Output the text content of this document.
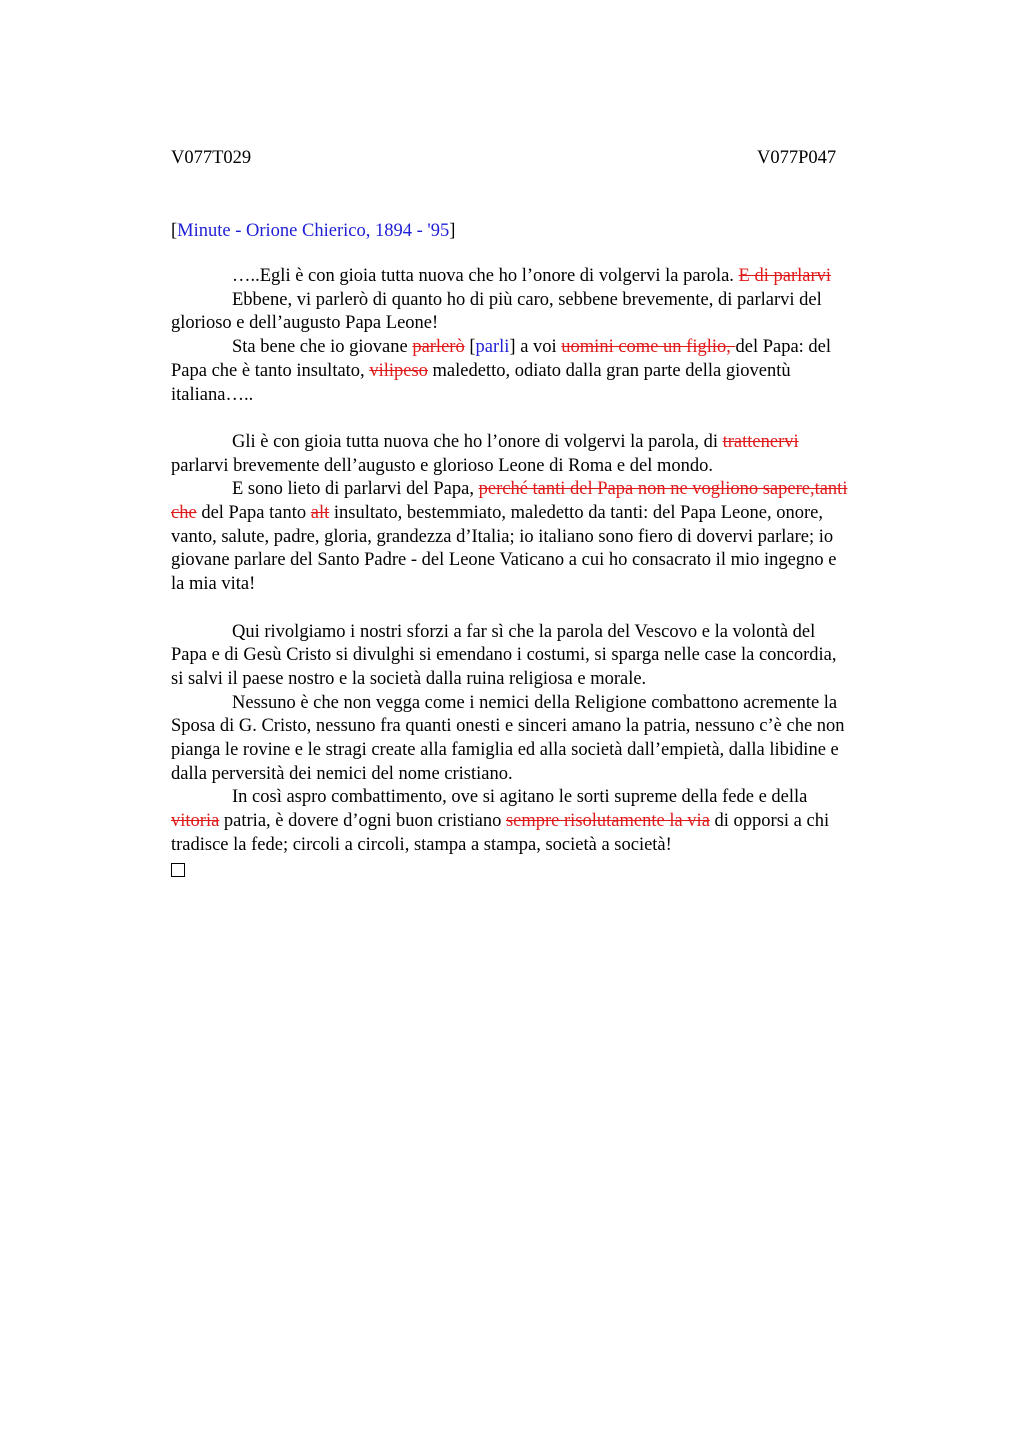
V077T029	V077P047
[Minute - Orione Chierico, 1894 - '95]

…..Egli è con gioia tutta nuova che ho l’onore di volgervi la parola. E di parlarvi

Ebbene, vi parlerò di quanto ho di più caro, sebbene brevemente, di parlarvi del
glorioso e dell’augusto Papa Leone!

Sta bene che io giovane parlerò [parli] a voi uomini come un figlio, del Papa: del
Papa che è tanto insultato, vilipeso maledetto, odiato dalla gran parte della gioventù
italiana…..

Gli è con gioia tutta nuova che ho l’onore di volgervi la parola, di trattenervi
parlarvi brevemente dell’augusto e glorioso Leone di Roma e del mondo.

E sono lieto di parlarvi del Papa, perché tanti del Papa non ne vogliono sapere,tanti
che del Papa tanto alt insultato, bestemmiato, maledetto da tanti: del Papa Leone, onore,
vanto, salute, padre, gloria, grandezza d’Italia; io italiano sono fiero di dovervi parlare; io
giovane parlare del Santo Padre - del Leone Vaticano a cui ho consacrato il mio ingegno e
la mia vita!

Qui rivolgiamo i nostri sforzi a far sì che la parola del Vescovo e la volontà del
Papa e di Gesù Cristo si divulghi si emendano i costumi, si sparga nelle case la concordia,
si salvi il paese nostro e la società dalla ruina religiosa e morale.

Nessuno è che non vegga come i nemici della Religione combattono acremente la
Sposa di G. Cristo, nessuno fra quanti onesti e sinceri amano la patria, nessuno c’è che non
pianga le rovine e le stragi create alla famiglia ed alla società dall’empietà, dalla libidine e
dalla perversità dei nemici del nome cristiano.

In così aspro combattimento, ove si agitano le sorti supreme della fede e della
vitoria patria, è dovere d’ogni buon cristiano sempre risolutamente la via di opporsi a chi
tradisce la fede; circoli a circoli, stampa a stampa, società a società!
